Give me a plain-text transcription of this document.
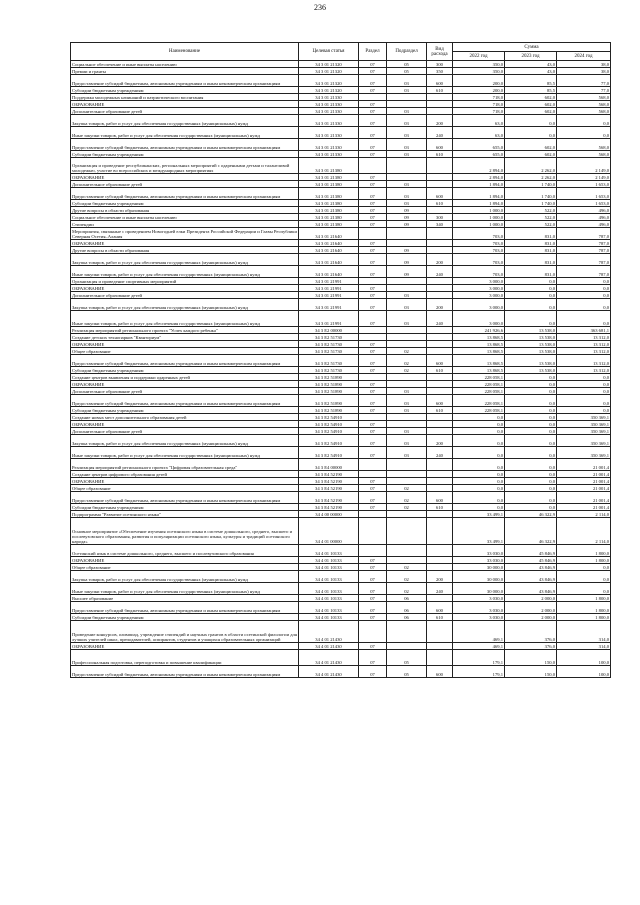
236
Наименование	Целевая статья	Раздел	Подраздел	Вид расхода	Сумма		
					2022 год	2023 год	2024 год
Социальное обеспечение и иные выплаты населению	34 3 01 21320	07	05	300	350,0	43,0	38,0
Премии и гранты	34 3 01 21320	07	05	350	350,0	43,0	38,0
Предоставление субсидий бюджетным, автономным учреждениям и иным некоммерческим организациям	34 3 01 21320	07	03	600	200,0	85,5	77,0
Субсидии бюджетным учреждениям	34 3 01 21320	07	03	610	200,0	85,5	77,0
Поддержка молодежных начинаний и патриотического воспитания	34 3 01 21330				718,0	602,0	568,0
ОБРАЗОВАНИЕ	34 3 01 21330	07			718,0	602,0	568,0
Дополнительное образование детей	34 3 01 21330	07	03		718,0	602,0	568,0
Закупка товаров, работ и услуг для обеспечения государственных (муниципальных) нужд	34 3 01 21330	07	03	200	63,0	0,0	0,0
Иные закупки товаров, работ и услуг для обеспечения государственных (муниципальных) нужд	34 3 01 21330	07	03	240	63,0	0,0	0,0
Предоставление субсидий бюджетным, автономным учреждениям и иным некоммерческим организациям	34 3 01 21330	07	03	600	655,0	602,0	568,0
Субсидии бюджетным учреждениям	34 3 01 21330	07	03	610	655,0	602,0	568,0
Организация и проведение республиканских, региональных мероприятий с одаренными детьми и талантливой молодежью, участие во всероссийских и международных мероприятиях	34 3 01 21380				2 894,0	2 262,0	2 149,0
ОБРАЗОВАНИЕ	34 3 01 21380	07			2 894,0	2 262,0	2 149,0
Дополнительное образование детей	34 3 01 21380	07	03		1 894,0	1 740,0	1 653,0
Предоставление субсидий бюджетным, автономным учреждениям и иным некоммерческим организациям	34 3 01 21380	07	03	600	1 894,0	1 740,0	1 653,0
Субсидии бюджетным учреждениям	34 3 01 21380	07	03	610	1 894,0	1 740,0	1 653,0
Другие вопросы в области образования	34 3 01 21380	07	09		1 000,0	522,0	496,0
Социальное обеспечение и иные выплаты населению	34 3 01 21380	07	09	300	1 000,0	522,0	496,0
Стипендии	34 3 01 21380	07	09	340	1 000,0	522,0	496,0
Мероприятия, связанные с проведением Новогодней елки Президента Российской Федерации и Главы Республики Северная Осетия–Алания	34 3 01 21640				703,0	831,0	787,0
ОБРАЗОВАНИЕ	34 3 01 21640	07			703,0	831,0	787,0
Другие вопросы в области образования	34 3 01 21640	07	09		703,0	831,0	787,0
Закупка товаров, работ и услуг для обеспечения государственных (муниципальных) нужд	34 3 01 21640	07	09	200	703,0	831,0	787,0
Иные закупки товаров, работ и услуг для обеспечения государственных (муниципальных) нужд	34 3 01 21640	07	09	240	703,0	831,0	787,0
Организация и проведение спортивных мероприятий	34 3 01 21991				3 000,0	0,0	0,0
ОБРАЗОВАНИЕ	34 3 01 21991	07			3 000,0	0,0	0,0
Дополнительное образование детей	34 3 01 21991	07	03		3 000,0	0,0	0,0
Закупка товаров, работ и услуг для обеспечения государственных (муниципальных) нужд	34 3 01 21991	07	03	200	3 000,0	0,0	0,0
Иные закупки товаров, работ и услуг для обеспечения государственных (муниципальных) нужд	34 3 01 21991	07	03	240	3 000,0	0,0	0,0
Реализация мероприятий регионального проекта "Успех каждого ребенка"	34 3 E2 00000				241 926,6	13 538,0	363 681,1
Создание детских технопарков "Кванториум"	34 3 E2 51730				13 868,5	13 538,0	13 312,0
ОБРАЗОВАНИЕ	34 3 E2 51730	07			13 868,5	13 538,0	13 312,0
Общее образование	34 3 E2 51730	07	02		13 868,5	13 538,0	13 312,0
Предоставление субсидий бюджетным, автономным учреждениям и иным некоммерческим организациям	34 3 E2 51730	07	02	600	13 868,5	13 538,0	13 312,0
Субсидии бюджетным учреждениям	34 3 E2 51730	07	02	610	13 868,5	13 538,0	13 312,0
Создание центров выявления и поддержки одаренных детей	34 3 E2 51890				228 058,1	0,0	0,0
ОБРАЗОВАНИЕ	34 3 E2 51890	07			228 058,1	0,0	0,0
Дополнительное образование детей	34 3 E2 51890	07	03		228 058,1	0,0	0,0
Предоставление субсидий бюджетным, автономным учреждениям и иным некоммерческим организациям	34 3 E2 51890	07	03	600	228 058,1	0,0	0,0
Субсидии бюджетным учреждениям	34 3 E2 51890	07	03	610	228 058,1	0,0	0,0
Создание новых мест дополнительного образования детей	34 3 E2 54910				0,0	0,0	350 369,1
ОБРАЗОВАНИЕ	34 3 E2 54910	07			0,0	0,0	350 369,1
Дополнительное образование детей	34 3 E2 54910	07	03		0,0	0,0	350 369,1
Закупка товаров, работ и услуг для обеспечения государственных (муниципальных) нужд	34 3 E2 54910	07	03	200	0,0	0,0	350 369,1
Иные закупки товаров, работ и услуг для обеспечения государственных (муниципальных) нужд	34 3 E2 54910	07	03	240	0,0	0,0	350 369,1
Реализация мероприятий регионального проекта "Цифровая образовательная среда"	34 3 E4 00000				0,0	0,0	21 001,4
Создание центров цифрового образования детей	34 3 E4 52190				0,0	0,0	21 001,4
ОБРАЗОВАНИЕ	34 3 E4 52190	07			0,0	0,0	21 001,4
Общее образование	34 3 E4 52190	07	02		0,0	0,0	21 001,4
Предоставление субсидий бюджетным, автономным учреждениям и иным некоммерческим организациям	34 3 E4 52190	07	02	600	0,0	0,0	21 001,4
Субсидии бюджетным учреждениям	34 3 E4 52190	07	02	610	0,0	0,0	21 001,4
Подпрограмма "Развитие осетинского языка"	34 4 00 00000				33 499,1	46 322,9	2 114,0
Основное мероприятие «Обеспечение изучения осетинского языка в системе дошкольного, среднего, высшего и послевузовского образования, развития и популяризации осетинского языка, культуры и традиций осетинского народа»	34 4 01 00000				33 499,1	46 322,9	2 114,0
Осетинский язык в системе дошкольного, среднего, высшего и послевузовского образования	34 4 01 10133				33 030,0	45 846,9	1 800,0
ОБРАЗОВАНИЕ	34 4 01 10133	07			33 030,0	45 846,9	1 800,0
Общее образование	34 4 01 10133	07	02		30 000,0	43 846,9	0,0
Закупка товаров, работ и услуг для обеспечения государственных (муниципальных) нужд	34 4 01 10133	07	02	200	30 000,0	43 846,9	0,0
Иные закупки товаров, работ и услуг для обеспечения государственных (муниципальных) нужд	34 4 01 10133	07	02	240	30 000,0	43 846,9	0,0
Высшее образование	34 4 01 10133	07	06		3 030,0	2 000,0	1 800,0
Предоставление субсидий бюджетным, автономным учреждениям и иным некоммерческим организациям	34 4 01 10133	07	06	600	3 030,0	2 000,0	1 800,0
Субсидии бюджетным учреждениям	34 4 01 10133	07	06	610	3 030,0	2 000,0	1 800,0
Проведение конкурсов, олимпиад, учреждение стипендий и научных грантов в области осетинской филологии для лучших учителей школ, преподавателей, аспирантов, студентов и учащихся образовательных организаций	34 4 01 21430				469,1	376,0	314,0
ОБРАЗОВАНИЕ	34 4 01 21430	07			469,1	376,0	314,0
Профессиональная подготовка, переподготовка и повышение квалификации	34 4 01 21430	07	05		179,1	150,0	100,0
Предоставление субсидий бюджетным, автономным учреждениям и иным некоммерческим организациям	34 4 01 21430	07	05	600	179,1	150,0	100,0
